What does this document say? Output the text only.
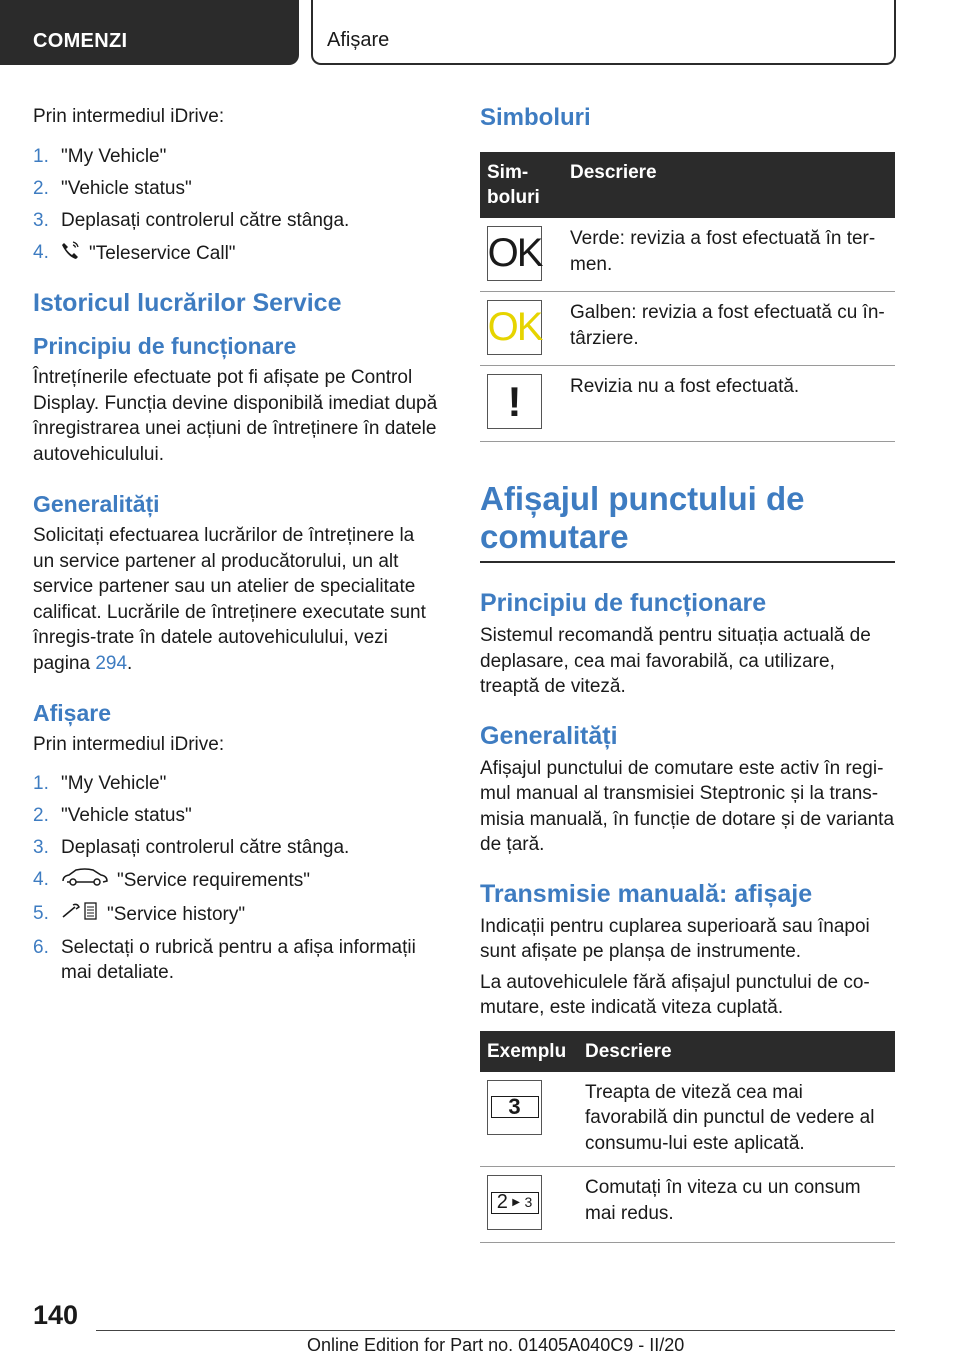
COMENZI	Afișare

Prin intermediul iDrive:

1. "My Vehicle"
2. "Vehicle status"
3. Deplasați controlerul către stânga.
4. "Teleservice Call"
Istoricul lucrărilor Service
Principiu de funcționare

Întrețínerile efectuate pot fi afișate pe Control Display. Funcția devine disponibilă imediat după înregistrarea unei acțiuni de întreținere în datele autovehiculului.

Generalități

Solicitați efectuarea lucrărilor de întreținere la un service partener al producătorului, un alt service partener sau un atelier de specialitate calificat. Lucrările de întreținere executate sunt înregis-trate în datele autovehiculului, vezi pagina 294.

Afișare

Prin intermediul iDrive:

1. "My Vehicle"
2. "Vehicle status"
3. Deplasați controlerul către stânga.
4.	"Service requirements"
5.	"Service history"
6. Selectați o rubrică pentru a afișa informații mai detaliate.
Simboluri
Sim-boluri	Descriere

OK	Verde: revizia a fost efectuată în ter-men.

OK	Galben: revizia a fost efectuată cu în-târziere.

!	Revizia nu a fost efectuată.
Afișajul punctului de comutare
Principiu de funcționare

Sistemul recomandă pentru situația actuală de deplasare, cea mai favorabilă, ca utilizare, treaptă de viteză.

Generalități

Afișajul punctului de comutare este activ în regi-mul manual al transmisiei Steptronic și la trans-misia manuală, în funcție de dotare și de varianta de țară.

Transmisie manuală: afișaje

Indicații pentru cuplarea superioară sau înapoi sunt afișate pe planșa de instrumente.

La autovehiculele fără afișajul punctului de co-mutare, este indicată viteza cuplată.

Exemplu	Descriere

3	Treapta de viteză cea mai favorabilă din punctul de vedere al consumu-lui este aplicată.

2 ▶ 3	Comutați în viteza cu un consum mai redus.
140
Online Edition for Part no. 01405A040C9 - II/20
